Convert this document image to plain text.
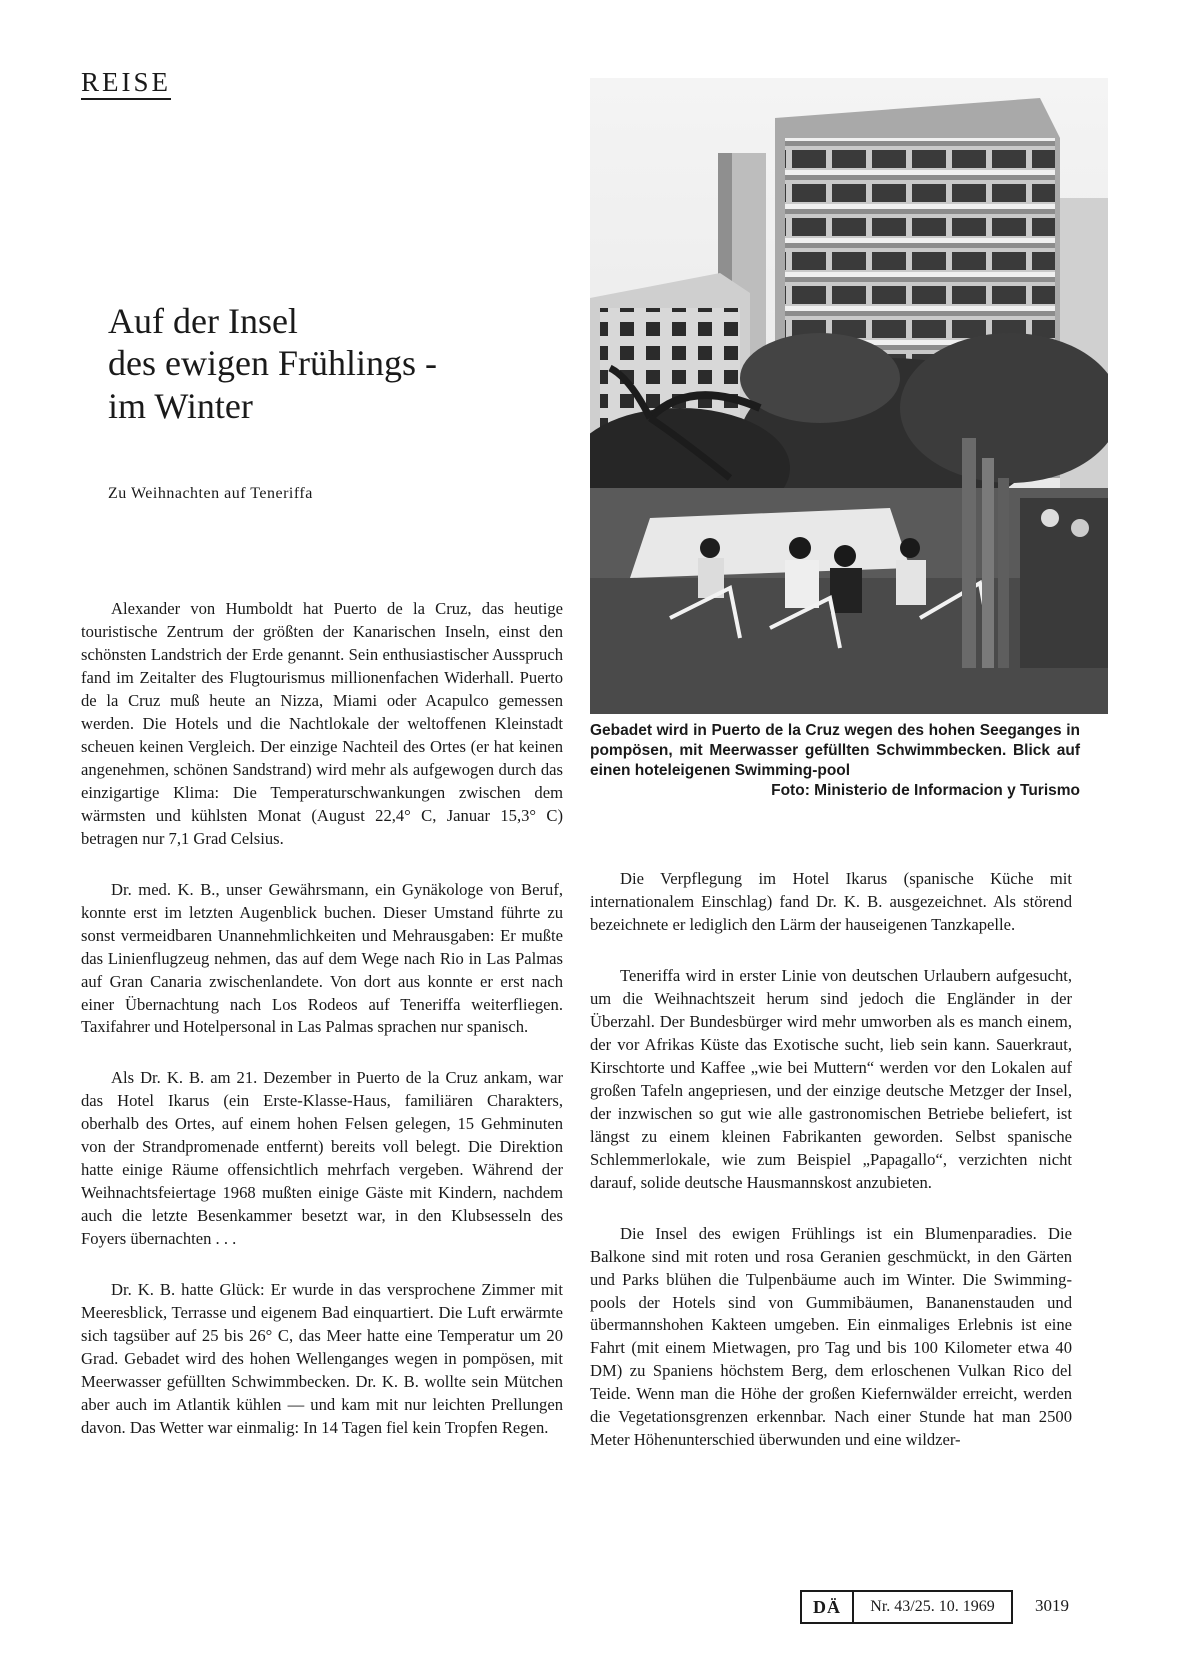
REISE
Auf der Insel
des ewigen Frühlings -
im Winter
Zu Weihnachten auf Teneriffa
Gebadet wird in Puerto de la Cruz wegen des hohen Seeganges in pompösen, mit Meerwasser gefüllten Schwimmbecken. Blick auf einen hoteleigenen Swimming-pool
Foto: Ministerio de Informacion y Turismo

Alexander von Humboldt hat Puerto de la Cruz, das heutige touristische Zentrum der größten der Kanarischen Inseln, einst den schönsten Landstrich der Erde genannt. Sein enthusiastischer Ausspruch fand im Zeitalter des Flugtourismus millionenfachen Widerhall. Puerto de la Cruz muß heute an Nizza, Miami oder Acapulco gemessen werden. Die Hotels und die Nachtlokale der weltoffenen Kleinstadt scheuen keinen Vergleich. Der einzige Nachteil des Ortes (er hat keinen angenehmen, schönen Sandstrand) wird mehr als aufgewogen durch das einzigartige Klima: Die Temperaturschwankungen zwischen dem wärmsten und kühlsten Monat (August 22,4° C, Januar 15,3° C) betragen nur 7,1 Grad Celsius.

Dr. med. K. B., unser Gewährsmann, ein Gynäkologe von Beruf, konnte erst im letzten Augenblick buchen. Dieser Umstand führte zu sonst vermeidbaren Unannehmlichkeiten und Mehrausgaben: Er mußte das Linienflugzeug nehmen, das auf dem Wege nach Rio in Las Palmas auf Gran Canaria zwischenlandete. Von dort aus konnte er erst nach einer Übernachtung nach Los Rodeos auf Teneriffa weiterfliegen. Taxifahrer und Hotelpersonal in Las Palmas sprachen nur spanisch.

Als Dr. K. B. am 21. Dezember in Puerto de la Cruz ankam, war das Hotel Ikarus (ein Erste-Klasse-Haus, familiären Charakters, oberhalb des Ortes, auf einem hohen Felsen gelegen, 15 Gehminuten von der Strandpromenade entfernt) bereits voll belegt. Die Direktion hatte einige Räume offensichtlich mehrfach vergeben. Während der Weihnachtsfeiertage 1968 mußten einige Gäste mit Kindern, nachdem auch die letzte Besenkammer besetzt war, in den Klubsesseln des Foyers übernachten . . .

Dr. K. B. hatte Glück: Er wurde in das versprochene Zimmer mit Meeresblick, Terrasse und eigenem Bad einquartiert. Die Luft erwärmte sich tagsüber auf 25 bis 26° C, das Meer hatte eine Temperatur um 20 Grad. Gebadet wird des hohen Wellenganges wegen in pompösen, mit Meerwasser gefüllten Schwimmbecken. Dr. K. B. wollte sein Mütchen aber auch im Atlantik kühlen — und kam mit nur leichten Prellungen davon. Das Wetter war einmalig: In 14 Tagen fiel kein Tropfen Regen.

Die Verpflegung im Hotel Ikarus (spanische Küche mit internationalem Einschlag) fand Dr. K. B. ausgezeichnet. Als störend bezeichnete er lediglich den Lärm der hauseigenen Tanzkapelle.

Teneriffa wird in erster Linie von deutschen Urlaubern aufgesucht, um die Weihnachtszeit herum sind jedoch die Engländer in der Überzahl. Der Bundesbürger wird mehr umworben als es manch einem, der vor Afrikas Küste das Exotische sucht, lieb sein kann. Sauerkraut, Kirschtorte und Kaffee „wie bei Muttern“ werden vor den Lokalen auf großen Tafeln angepriesen, und der einzige deutsche Metzger der Insel, der inzwischen so gut wie alle gastronomischen Betriebe beliefert, ist längst zu einem kleinen Fabrikanten geworden. Selbst spanische Schlemmerlokale, wie zum Beispiel „Papagallo“, verzichten nicht darauf, solide deutsche Hausmannskost anzubieten.

Die Insel des ewigen Frühlings ist ein Blumenparadies. Die Balkone sind mit roten und rosa Geranien geschmückt, in den Gärten und Parks blühen die Tulpenbäume auch im Winter. Die Swimming-pools der Hotels sind von Gummibäumen, Bananenstauden und übermannshohen Kakteen umgeben. Ein einmaliges Erlebnis ist eine Fahrt (mit einem Mietwagen, pro Tag und bis 100 Kilometer etwa 40 DM) zu Spaniens höchstem Berg, dem erloschenen Vulkan Rico del Teide. Wenn man die Höhe der großen Kiefernwälder erreicht, werden die Vegetationsgrenzen erkennbar. Nach einer Stunde hat man 2500 Meter Höhenunterschied überwunden und eine wildzer-

DÄ	Nr. 43/25. 10. 1969	3019
